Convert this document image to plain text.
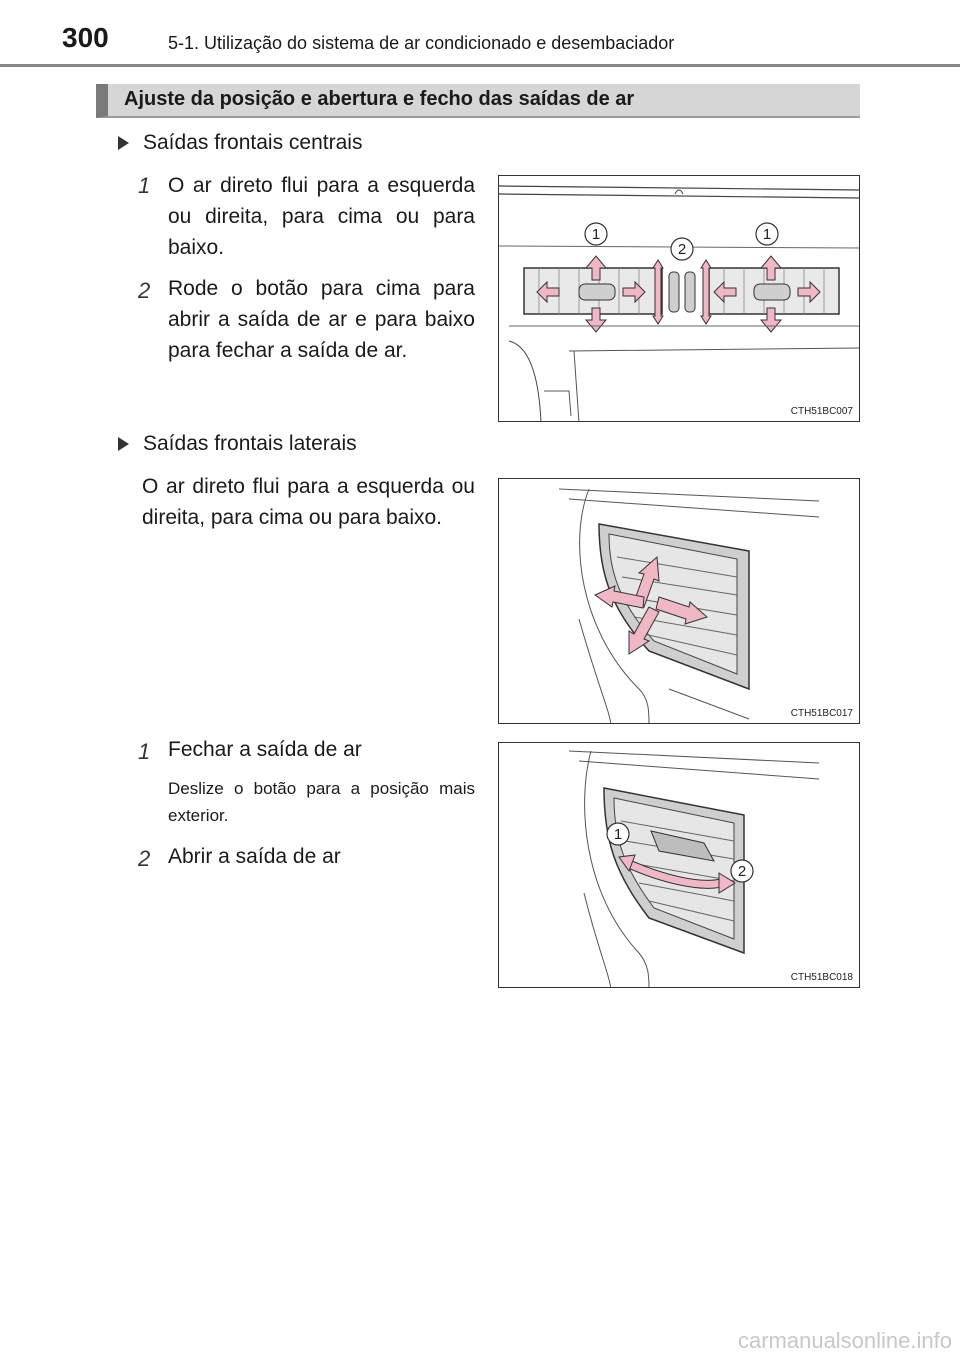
300	5-1. Utilização do sistema de ar condicionado e desembaciador
Ajuste da posição e abertura e fecho das saídas de ar
Saídas frontais centrais
1 O ar direto flui para a esquerda ou direita, para cima ou para baixo.
2 Rode o botão para cima para abrir a saída de ar e para baixo para fechar a saída de ar.
1
2
1
CTH51BC007
Saídas frontais laterais
O ar direto flui para a esquerda ou direita, para cima ou para baixo.
CTH51BC017
1 Fechar a saída de ar
Deslize o botão para a posição mais exterior.
2 Abrir a saída de ar
1
2
CTH51BC018
carmanualsonline.info
